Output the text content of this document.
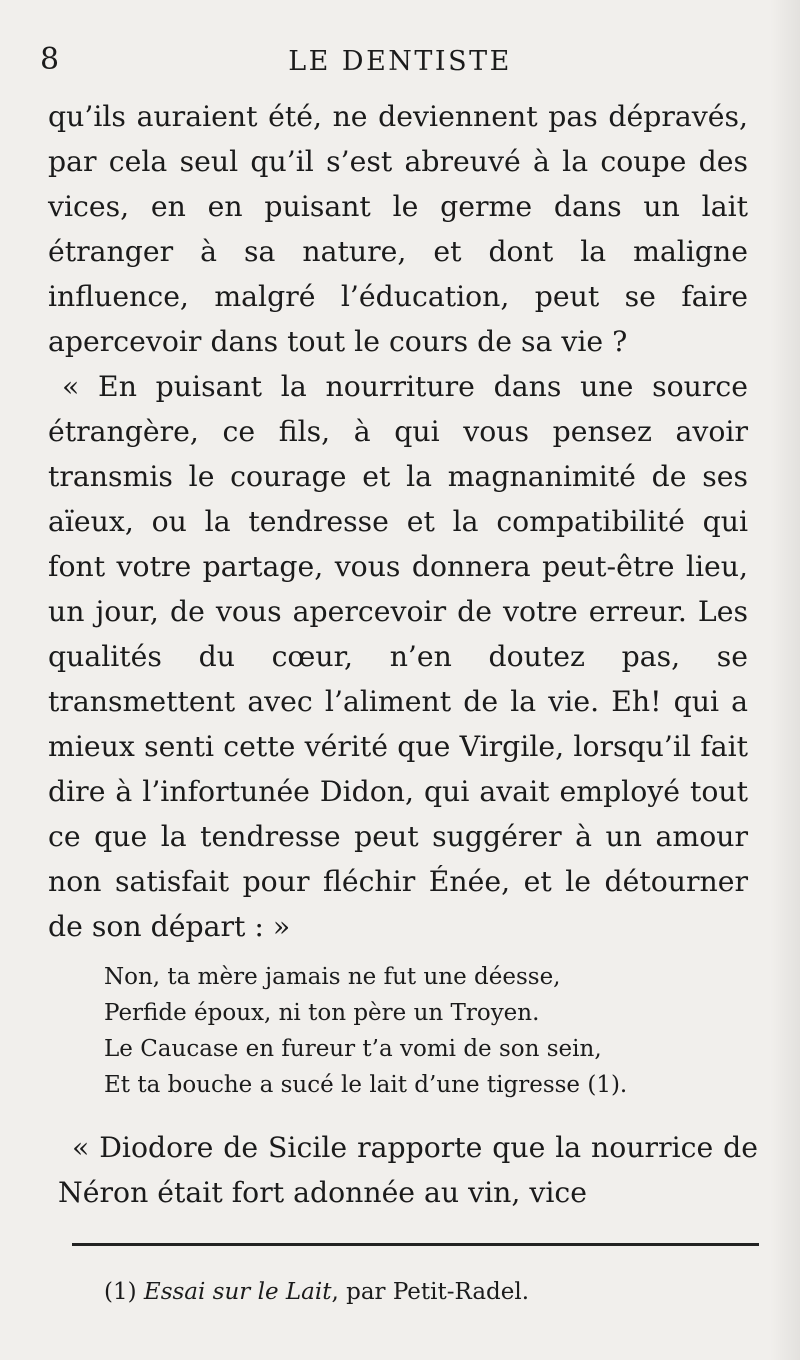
8	LE DENTISTE

qu’ils auraient été, ne deviennent pas dépravés, par cela seul qu’il s’est abreuvé à la coupe des vices, en en puisant le germe dans un lait étranger à sa nature, et dont la maligne influence, malgré l’éducation, peut se faire apercevoir dans tout le cours de sa vie ?

« En puisant la nourriture dans une source étrangère, ce fils, à qui vous pensez avoir transmis le courage et la magnanimité de ses aïeux, ou la tendresse et la compatibilité qui font votre partage, vous donnera peut-être lieu, un jour, de vous apercevoir de votre erreur. Les qualités du cœur, n’en doutez pas, se transmettent avec l’aliment de la vie. Eh! qui a mieux senti cette vérité que Virgile, lorsqu’il fait dire à l’infortunée Didon, qui avait employé tout ce que la tendresse peut suggérer à un amour non satisfait pour fléchir Énée, et le détourner de son départ : »

Non, ta mère jamais ne fut une déesse,
Perfide époux, ni ton père un Troyen.
Le Caucase en fureur t’a vomi de son sein,
Et ta bouche a sucé le lait d’une tigresse (1).

« Diodore de Sicile rapporte que la nourrice de Néron était fort adonnée au vin, vice

(1) Essai sur le Lait, par Petit-Radel.
